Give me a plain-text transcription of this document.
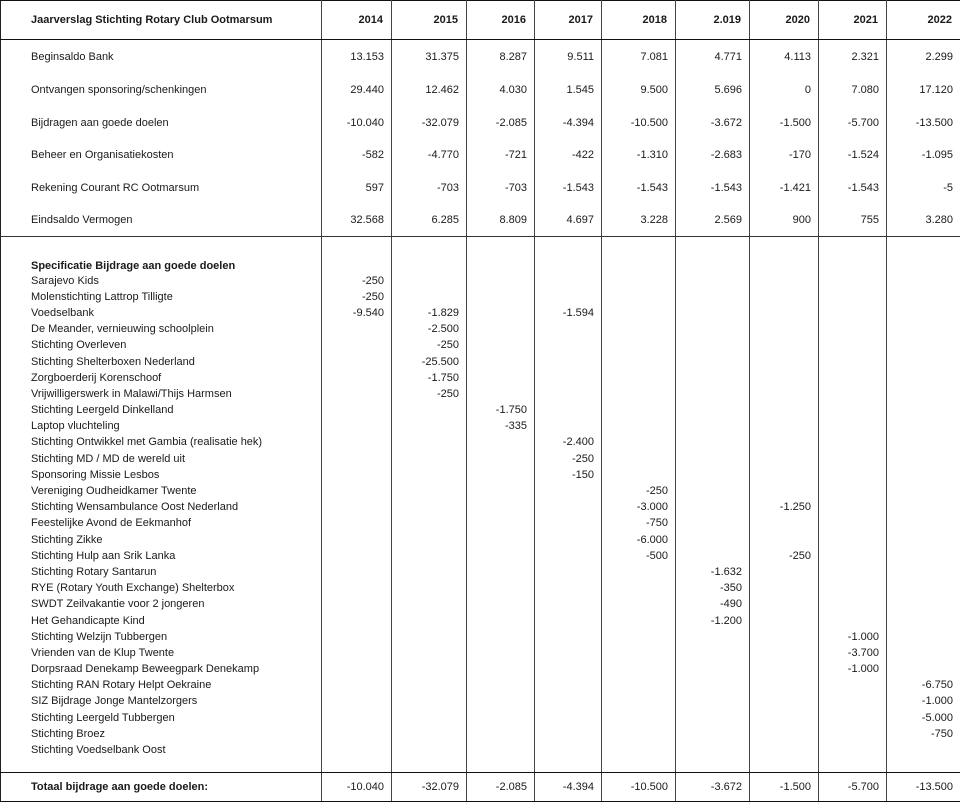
Jaarverslag Stichting Rotary Club Ootmarsum	2014	2015	2016	2017	2018	2.019	2020	2021	2022
Beginsaldo Bank	13.153	31.375	8.287	9.511	7.081	4.771	4.113	2.321	2.299
Ontvangen sponsoring/schenkingen	29.440	12.462	4.030	1.545	9.500	5.696	0	7.080	17.120
Bijdragen aan goede doelen	-10.040	-32.079	-2.085	-4.394	-10.500	-3.672	-1.500	-5.700	-13.500
Beheer en Organisatiekosten	-582	-4.770	-721	-422	-1.310	-2.683	-170	-1.524	-1.095
Rekening Courant RC Ootmarsum	597	-703	-703	-1.543	-1.543	-1.543	-1.421	-1.543	-5
Eindsaldo Vermogen	32.568	6.285	8.809	4.697	3.228	2.569	900	755	3.280

Specificatie Bijdrage aan goede doelen									
Sarajevo Kids	-250								
Molenstichting Lattrop Tilligte	-250								
Voedselbank	-9.540	-1.829		-1.594					
De Meander, vernieuwing schoolplein		-2.500							
Stichting Overleven		-250							
Stichting Shelterboxen Nederland		-25.500							
Zorgboerderij Korenschoof		-1.750							
Vrijwilligerswerk in Malawi/Thijs Harmsen		-250							
Stichting Leergeld Dinkelland			-1.750						
Laptop vluchteling			-335						
Stichting Ontwikkel met Gambia (realisatie hek)				-2.400					
Stichting MD / MD de wereld uit				-250					
Sponsoring Missie Lesbos				-150					
Vereniging Oudheidkamer Twente					-250				
Stichting Wensambulance Oost Nederland					-3.000		-1.250		
Feestelijke Avond de Eekmanhof					-750				
Stichting Zikke					-6.000				
Stichting Hulp aan Srik Lanka					-500		-250		
Stichting Rotary Santarun						-1.632			
RYE (Rotary Youth Exchange) Shelterbox						-350			
SWDT Zeilvakantie voor 2 jongeren						-490			
Het Gehandicapte Kind						-1.200			
Stichting Welzijn Tubbergen								-1.000	
Vrienden van de Klup Twente								-3.700	
Dorpsraad Denekamp Beweegpark Denekamp								-1.000	
Stichting RAN Rotary Helpt Oekraine									-6.750
SIZ Bijdrage Jonge Mantelzorgers									-1.000
Stichting Leergeld Tubbergen									-5.000
Stichting Broez									-750
Stichting Voedselbank Oost									

Totaal bijdrage aan goede doelen:	-10.040	-32.079	-2.085	-4.394	-10.500	-3.672	-1.500	-5.700	-13.500
